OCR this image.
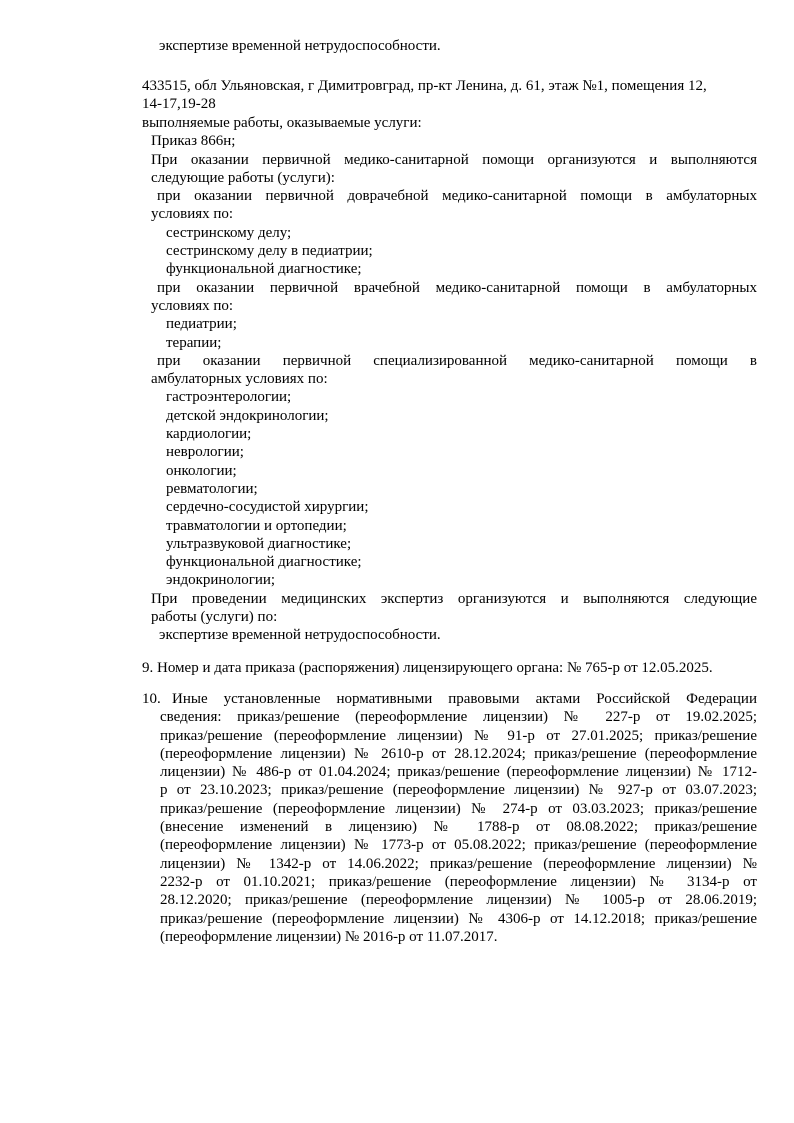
экспертизе временной нетрудоспособности.
433515, обл Ульяновская, г Димитровград, пр-кт Ленина, д. 61, этаж №1, помещения 12,
14-17,19-28
выполняемые работы, оказываемые услуги:
Приказ 866н;
При оказании первичной медико-санитарной помощи организуются и выполняются
следующие работы (услуги):
при оказании первичной доврачебной медико-санитарной помощи в амбулаторных
условиях по:
сестринскому делу;
сестринскому делу в педиатрии;
функциональной диагностике;
при оказании первичной врачебной медико-санитарной помощи в амбулаторных
условиях по:
педиатрии;
терапии;
при оказании первичной специализированной медико-санитарной помощи в
амбулаторных условиях по:
гастроэнтерологии;
детской эндокринологии;
кардиологии;
неврологии;
онкологии;
ревматологии;
сердечно-сосудистой хирургии;
травматологии и ортопедии;
ультразвуковой диагностике;
функциональной диагностике;
эндокринологии;
При проведении медицинских экспертиз организуются и выполняются следующие
работы (услуги) по:
экспертизе временной нетрудоспособности.
9. Номер и дата приказа (распоряжения) лицензирующего органа: № 765-р от 12.05.2025.
10. Иные установленные нормативными правовыми актами Российской Федерации
сведения: приказ/решение (переоформление лицензии) № 227-р от 19.02.2025;
приказ/решение (переоформление лицензии) № 91-р от 27.01.2025; приказ/решение
(переоформление лицензии) № 2610-р от 28.12.2024; приказ/решение (переоформление
лицензии) № 486-р от 01.04.2024; приказ/решение (переоформление лицензии) № 1712-
р от 23.10.2023; приказ/решение (переоформление лицензии) № 927-р от 03.07.2023;
приказ/решение (переоформление лицензии) № 274-р от 03.03.2023; приказ/решение
(внесение изменений в лицензию) № 1788-р от 08.08.2022; приказ/решение
(переоформление лицензии) № 1773-р от 05.08.2022; приказ/решение (переоформление
лицензии) № 1342-р от 14.06.2022; приказ/решение (переоформление лицензии) №
2232-р от 01.10.2021; приказ/решение (переоформление лицензии) № 3134-р от
28.12.2020; приказ/решение (переоформление лицензии) № 1005-р от 28.06.2019;
приказ/решение (переоформление лицензии) № 4306-р от 14.12.2018; приказ/решение
(переоформление лицензии) № 2016-р от 11.07.2017.
